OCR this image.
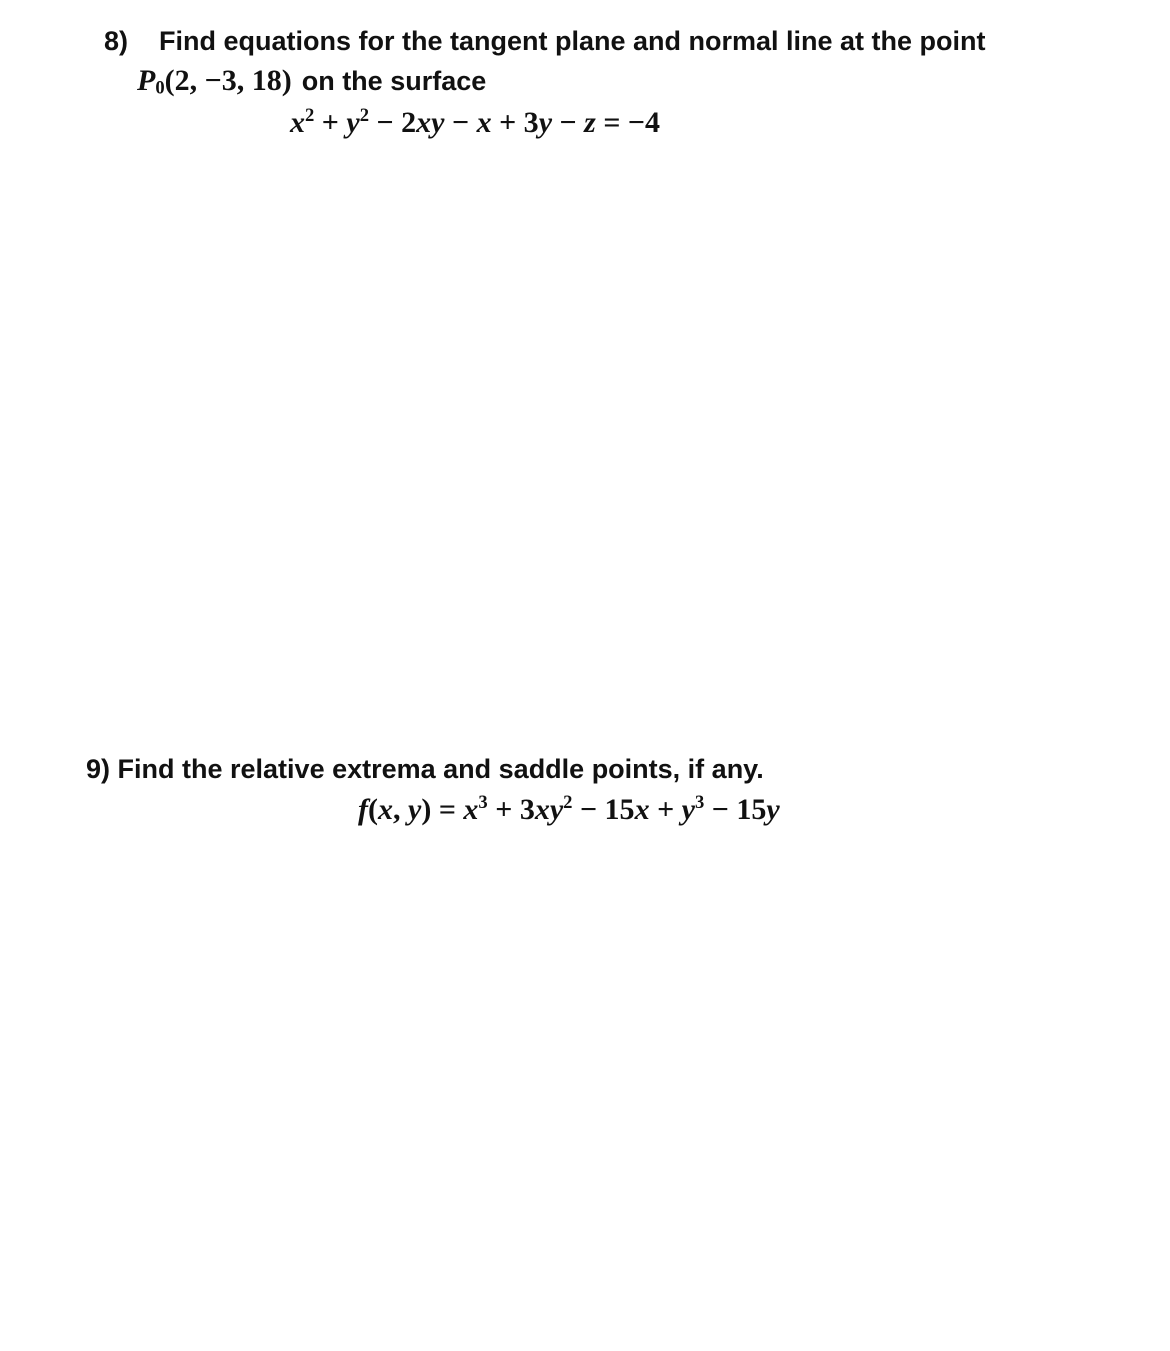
8) Find equations for the tangent plane and normal line at the point
$P_0(2$, −3, 18) on the surface
$x^2 + y^2 - 2xy - x + 3y - z = -4$
9) Find the relative extrema and saddle points, if any.
f(x, $y) = x^3 + 3xy^2 - 15x + y^3 - 15y$
